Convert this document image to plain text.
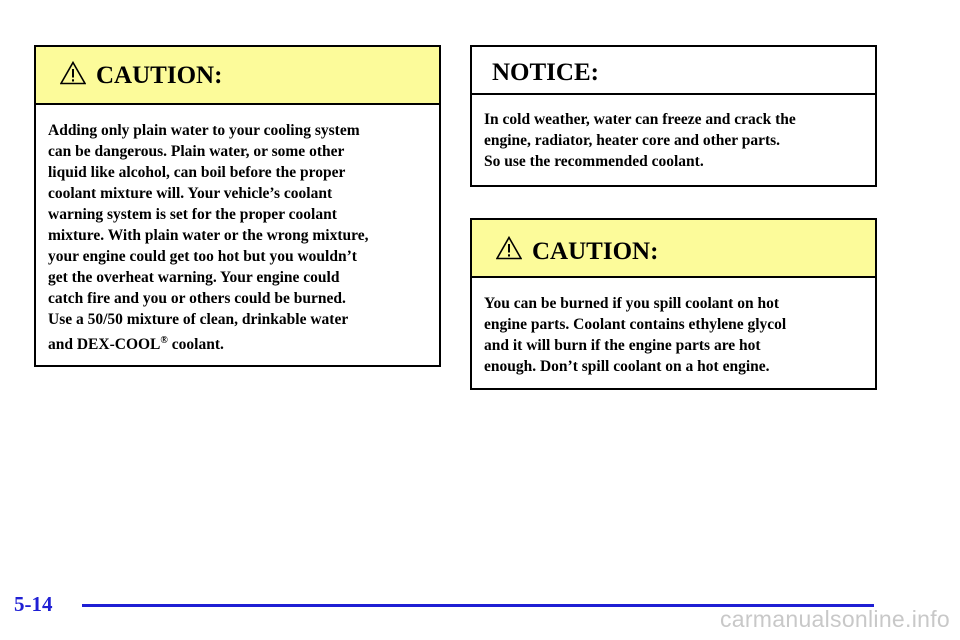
CAUTION:

Adding only plain water to your cooling system

can be dangerous. Plain water, or some other

liquid like alcohol, can boil before the proper

coolant mixture will. Your vehicle’s coolant

warning system is set for the proper coolant

mixture. With plain water or the wrong mixture,

your engine could get too hot but you wouldn’t

get the overheat warning. Your engine could

catch fire and you or others could be burned.

Use a 50/50 mixture of clean, drinkable water

and DEX-COOL® coolant.

NOTICE:

In cold weather, water can freeze and crack the

engine, radiator, heater core and other parts.

So use the recommended coolant.

CAUTION:

You can be burned if you spill coolant on hot

engine parts. Coolant contains ethylene glycol

and it will burn if the engine parts are hot

enough. Don’t spill coolant on a hot engine.

5-14
carmanualsonline.info
